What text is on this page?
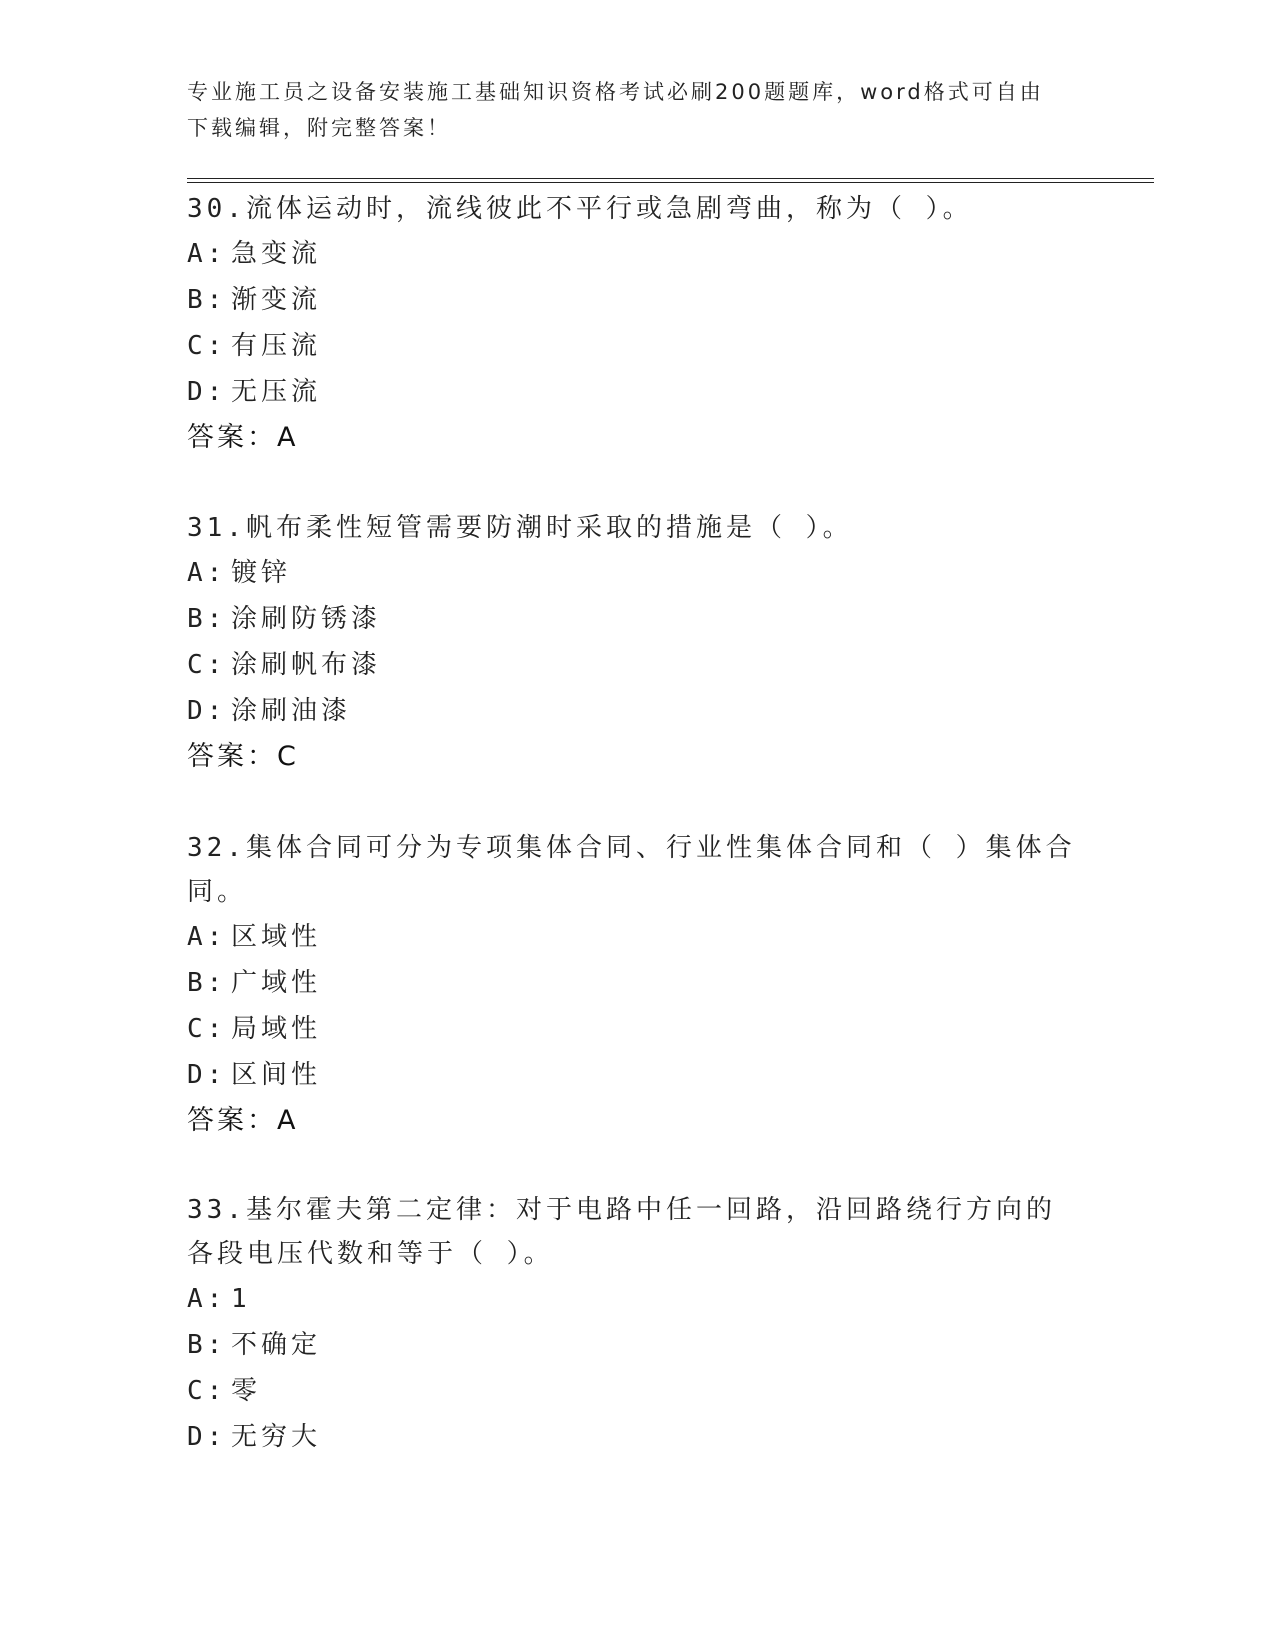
专业施工员之设备安装施工基础知识资格考试必刷200题题库，word格式可自由下载编辑，附完整答案！

30.流体运动时，流线彼此不平行或急剧弯曲，称为（ ）。

A: 急变流
B: 渐变流
C: 有压流
D: 无压流
答案：A

31.帆布柔性短管需要防潮时采取的措施是（ ）。

A: 镀锌
B: 涂刷防锈漆
C: 涂刷帆布漆
D: 涂刷油漆
答案：C

32.集体合同可分为专项集体合同、行业性集体合同和（ ）集体合同。

A: 区域性
B: 广域性
C: 局域性
D: 区间性
答案：A

33.基尔霍夫第二定律：对于电路中任一回路，沿回路绕行方向的各段电压代数和等于（ ）。

A: 1
B: 不确定
C: 零
D: 无穷大
